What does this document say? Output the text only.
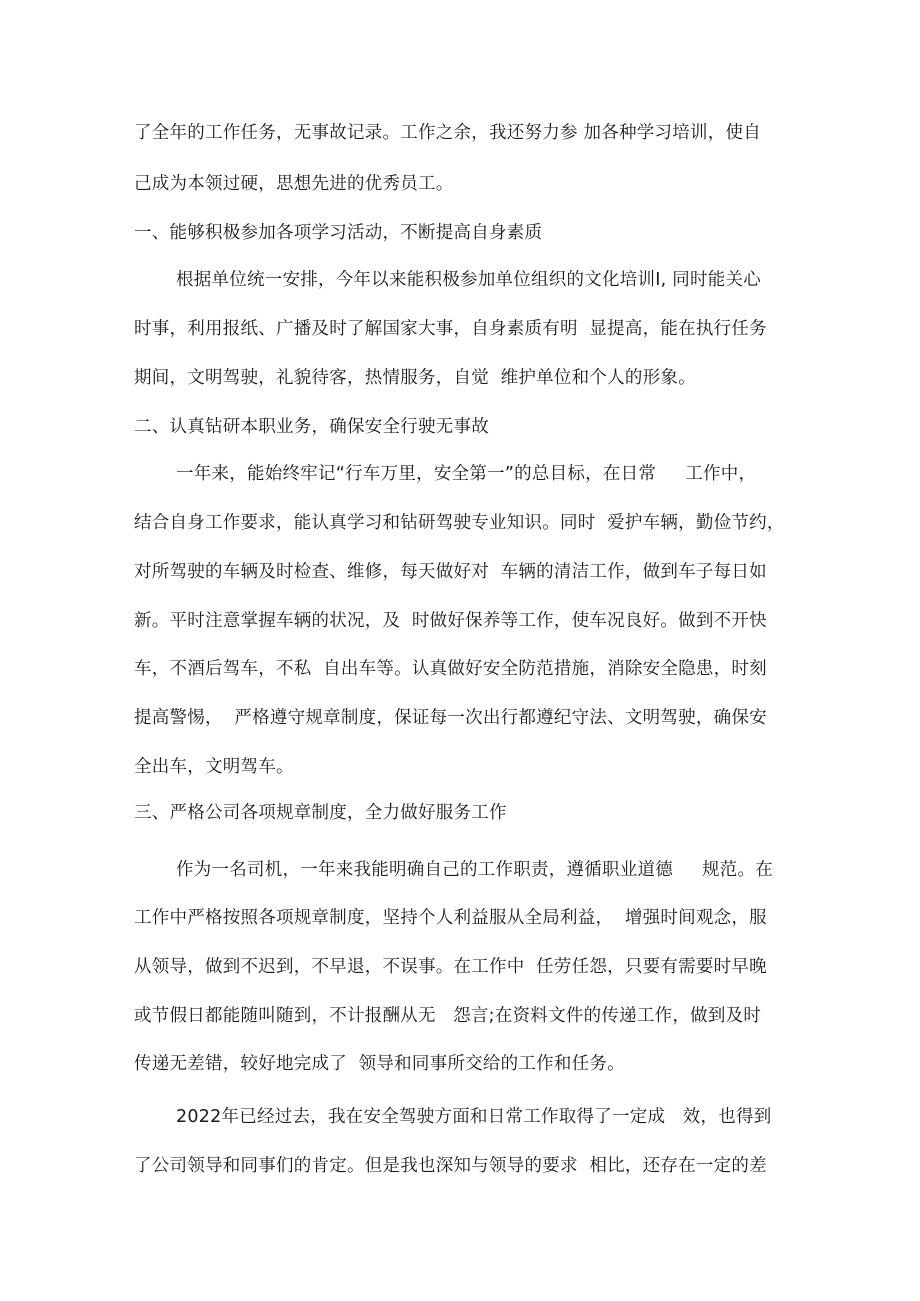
了全年的工作任务，无事故记录。工作之余，我还努力参 加各种学习培训，使自
己成为本领过硬，思想先进的优秀员工。
一、能够积极参加各项学习活动，不断提高自身素质
根据单位统一安排，今年以来能积极参加单位组织的文化培训I, 同时能关心
时事，利用报纸、广播及时了解国家大事，自身素质有明  显提高，能在执行任务
期间，文明驾驶，礼貌待客，热情服务，自觉  维护单位和个人的形象。
二、认真钻研本职业务，确保安全行驶无事故
一年来，能始终牢记“行车万里，安全第一”的总目标，在日常     工作中，
结合自身工作要求，能认真学习和钻研驾驶专业知识。同时  爱护车辆，勤俭节约，
对所驾驶的车辆及时检查、维修，每天做好对  车辆的清洁工作，做到车子每日如
新。平时注意掌握车辆的状况，及  时做好保养等工作，使车况良好。做到不开快
车，不酒后驾车，不私  自出车等。认真做好安全防范措施，消除安全隐患，时刻
提高警惕，  严格遵守规章制度，保证每一次出行都遵纪守法、文明驾驶，确保安
全出车，文明驾车。
三、严格公司各项规章制度，全力做好服务工作
作为一名司机，一年来我能明确自己的工作职责，遵循职业道德     规范。在
工作中严格按照各项规章制度，坚持个人利益服从全局利益，  增强时间观念，服
从领导，做到不迟到，不早退，不误事。在工作中  任劳任怨，只要有需要时早晚
或节假日都能随叫随到，不计报酬从无   怨言;在资料文件的传递工作，做到及时
传递无差错，较好地完成了  领导和同事所交给的工作和任务。
2022年已经过去，我在安全驾驶方面和日常工作取得了一定成   效，也得到
了公司领导和同事们的肯定。但是我也深知与领导的要求  相比，还存在一定的差
